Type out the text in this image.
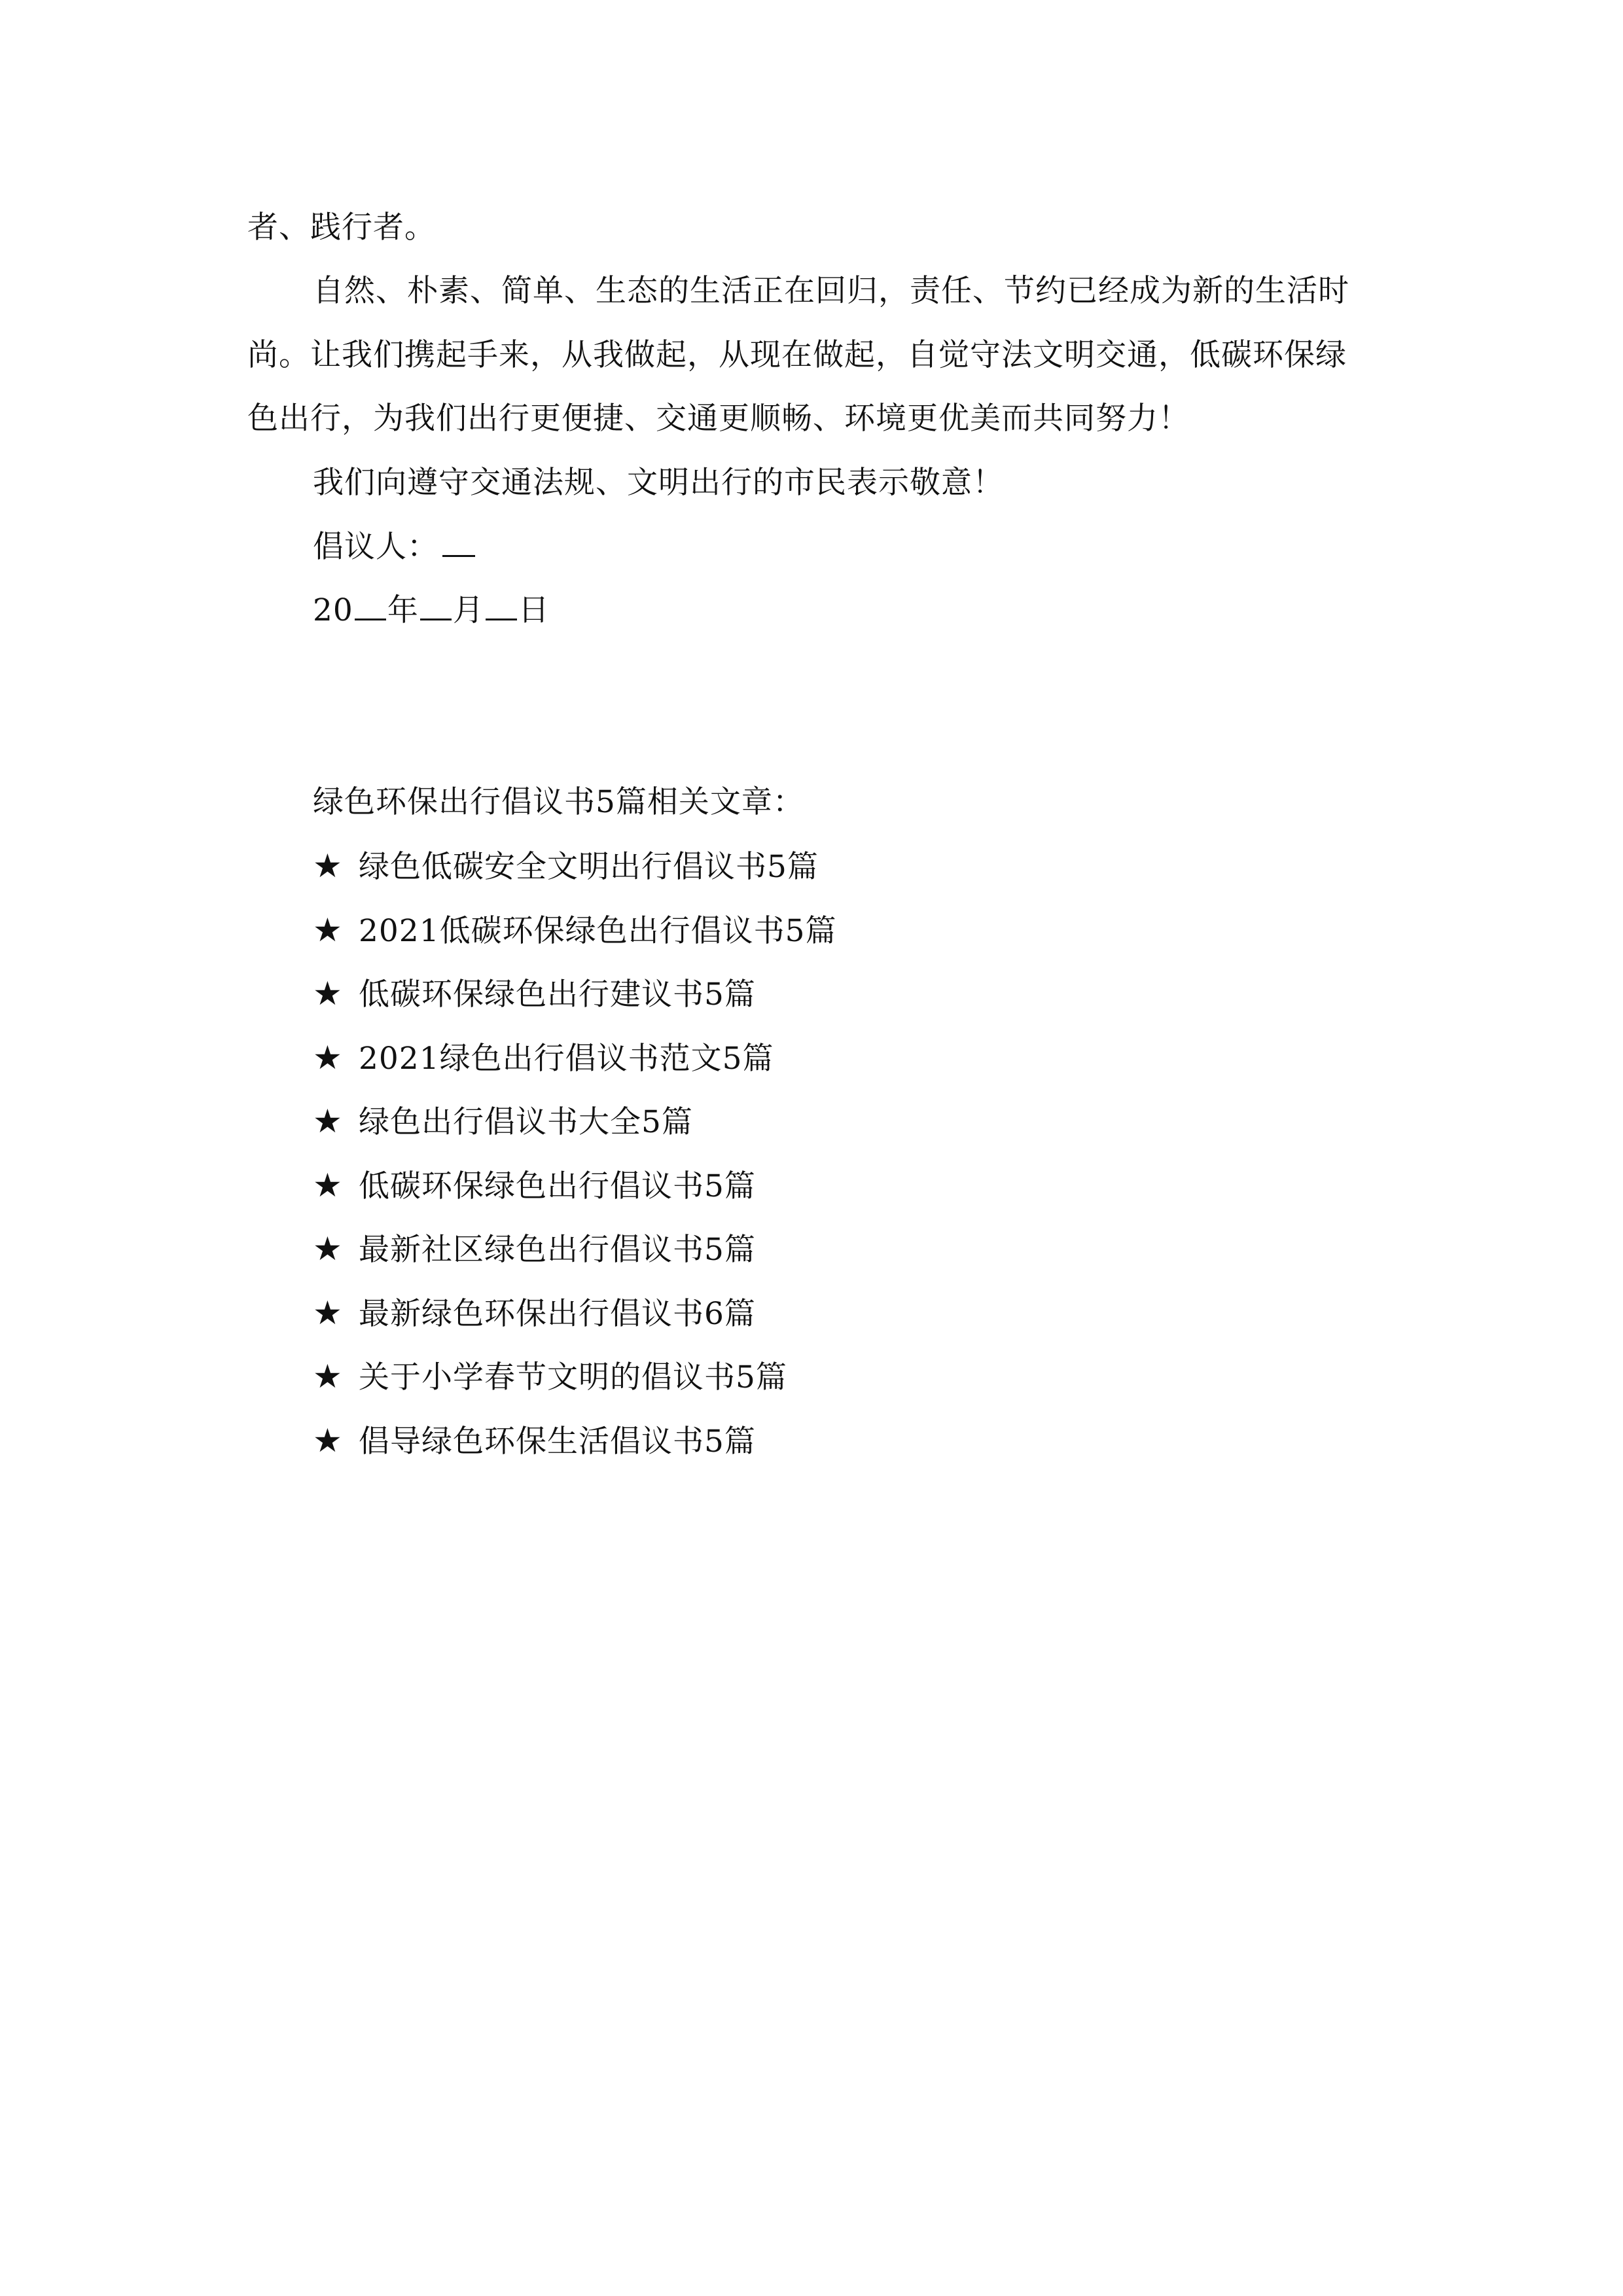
者、践行者。
自然、朴素、简单、生态的生活正在回归，责任、节约已经成为新的生活时
尚。让我们携起手来，从我做起，从现在做起，自觉守法文明交通，低碳环保绿
色出行，为我们出行更便捷、交通更顺畅、环境更优美而共同努力！
我们向遵守交通法规、文明出行的市民表示敬意！
倡议人：
20 年 月 日
绿色环保出行倡议书5篇相关文章：
★ 绿色低碳安全文明出行倡议书5篇
★ 2021低碳环保绿色出行倡议书5篇
★ 低碳环保绿色出行建议书5篇
★ 2021绿色出行倡议书范文5篇
★ 绿色出行倡议书大全5篇
★ 低碳环保绿色出行倡议书5篇
★ 最新社区绿色出行倡议书5篇
★ 最新绿色环保出行倡议书6篇
★ 关于小学春节文明的倡议书5篇
★ 倡导绿色环保生活倡议书5篇
